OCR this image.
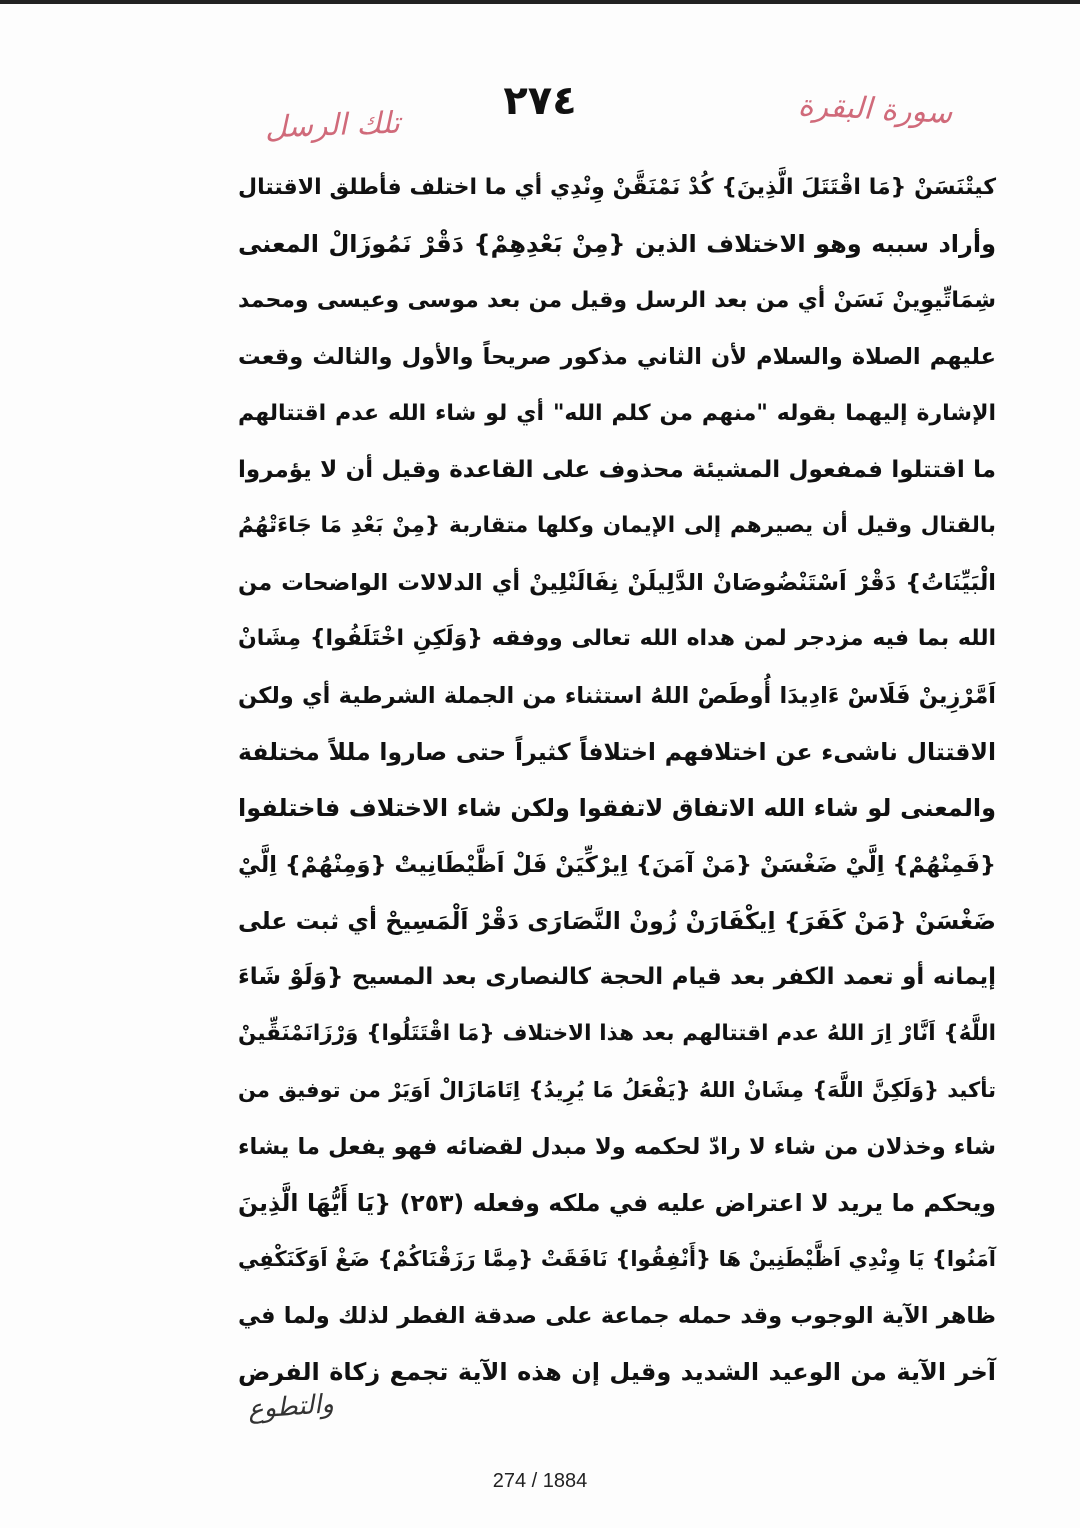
٢٧٤	سورة البقرة
تلك الرسل
كيتْنَسَنْ {مَا اقْتَتَلَ الَّذِينَ} كُدْ نَمْنَقَّنْ وِنْدِي أي ما اختلف فأطلق الاقتتال
وأراد سببه وهو الاختلاف الذين {مِنْ بَعْدِهِمْ} دَقْرْ نَمُوزَالْ المعنى
شِمَاتِّيوِينْ نَسَنْ أي من بعد الرسل وقيل من بعد موسى وعيسى ومحمد
عليهم الصلاة والسلام لأن الثاني مذكور صريحاً والأول والثالث وقعت
الإشارة إليهما بقوله "منهم من كلم الله" أي لو شاء الله عدم اقتتالهم
ما اقتتلوا فمفعول المشيئة محذوف على القاعدة وقيل أن لا يؤمروا
بالقتال وقيل أن يصيرهم إلى الإيمان وكلها متقاربة {مِنْ بَعْدِ مَا جَاءَتْهُمُ
الْبَيِّنَاتُ} دَقْرْ اَسْتَنْضُوصَانْ الدَّلِيلَنْ نِفَالَنْلِينْ أي الدلالات الواضحات من
الله بما فيه مزدجر لمن هداه الله تعالى ووفقه {وَلَكِنِ اخْتَلَفُوا} مِشَانْ
اَمَّرْزِينْ فَلَاسْ ءَادِيدَا أُوطَصْ اللهُ استثناء من الجملة الشرطية أي ولكن
الاقتتال ناشىء عن اختلافهم اختلافاً كثيراً حتى صاروا مللاً مختلفة
والمعنى لو شاء الله الاتفاق لاتفقوا ولكن شاء الاختلاف فاختلفوا
{فَمِنْهُمْ} اِلَّيْ ضَغْسَنْ {مَنْ آمَنَ} اِيرْكِّيَنْ فَلْ اَظَّيْطَانِيتْ {وَمِنْهُمْ} اِلَّيْ
ضَغْسَنْ {مَنْ كَفَرَ} اِيكْفَارَنْ زُونْ النَّصَارَى دَقْرْ اَلْمَسِيحْ أي ثبت على
إيمانه أو تعمد الكفر بعد قيام الحجة كالنصارى بعد المسيح {وَلَوْ شَاءَ
اللَّهُ} اَنَّارْ اِرَ اللهُ عدم اقتتالهم بعد هذا الاختلاف {مَا اقْتَتَلُوا} وَرْزَانَمْنَقِّينْ
تأكيد {وَلَكِنَّ اللَّهَ} مِشَانْ اللهُ {يَفْعَلُ مَا يُرِيدُ} اِتَامَازَالْ اَوَيَرْ من توفيق من
شاء وخذلان من شاء لا رادّ لحكمه ولا مبدل لقضائه فهو يفعل ما يشاء
ويحكم ما يريد لا اعتراض عليه في ملكه وفعله (٢٥٣) {يَا أَيُّهَا الَّذِينَ
آمَنُوا} يَا وِنْدِي اَظَّيْطَنِينْ هَا {أَنْفِقُوا} نَافَقَتْ {مِمَّا رَزَقْنَاكُمْ} ضَغْ اَوَكَنَكْفِي
ظاهر الآية الوجوب وقد حمله جماعة على صدقة الفطر لذلك ولما في
آخر الآية من الوعيد الشديد وقيل إن هذه الآية تجمع زكاة الفرض
والتطوع
274 / 1884
